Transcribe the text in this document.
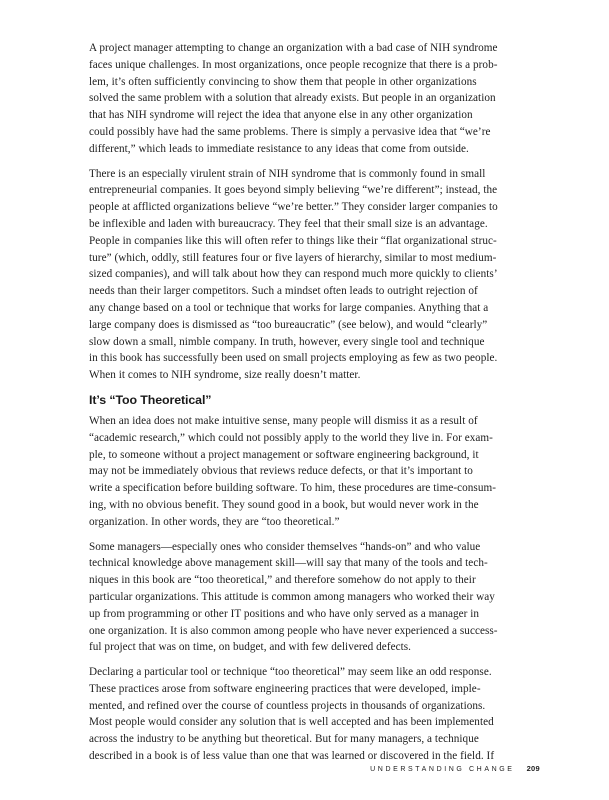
A project manager attempting to change an organization with a bad case of NIH syndrome
faces unique challenges. In most organizations, once people recognize that there is a prob-
lem, it’s often sufficiently convincing to show them that people in other organizations
solved the same problem with a solution that already exists. But people in an organization
that has NIH syndrome will reject the idea that anyone else in any other organization
could possibly have had the same problems. There is simply a pervasive idea that “we’re
different,” which leads to immediate resistance to any ideas that come from outside.

There is an especially virulent strain of NIH syndrome that is commonly found in small
entrepreneurial companies. It goes beyond simply believing “we’re different”; instead, the
people at afflicted organizations believe “we’re better.” They consider larger companies to
be inflexible and laden with bureaucracy. They feel that their small size is an advantage.
People in companies like this will often refer to things like their “flat organizational struc-
ture” (which, oddly, still features four or five layers of hierarchy, similar to most medium-
sized companies), and will talk about how they can respond much more quickly to clients’
needs than their larger competitors. Such a mindset often leads to outright rejection of
any change based on a tool or technique that works for large companies. Anything that a
large company does is dismissed as “too bureaucratic” (see below), and would “clearly”
slow down a small, nimble company. In truth, however, every single tool and technique
in this book has successfully been used on small projects employing as few as two people.
When it comes to NIH syndrome, size really doesn’t matter.

It’s “Too Theoretical”

When an idea does not make intuitive sense, many people will dismiss it as a result of
“academic research,” which could not possibly apply to the world they live in. For exam-
ple, to someone without a project management or software engineering background, it
may not be immediately obvious that reviews reduce defects, or that it’s important to
write a specification before building software. To him, these procedures are time-consum-
ing, with no obvious benefit. They sound good in a book, but would never work in the
organization. In other words, they are “too theoretical.”

Some managers—especially ones who consider themselves “hands-on” and who value
technical knowledge above management skill—will say that many of the tools and tech-
niques in this book are “too theoretical,” and therefore somehow do not apply to their
particular organizations. This attitude is common among managers who worked their way
up from programming or other IT positions and who have only served as a manager in
one organization. It is also common among people who have never experienced a success-
ful project that was on time, on budget, and with few delivered defects.

Declaring a particular tool or technique “too theoretical” may seem like an odd response.
These practices arose from software engineering practices that were developed, imple-
mented, and refined over the course of countless projects in thousands of organizations.
Most people would consider any solution that is well accepted and has been implemented
across the industry to be anything but theoretical. But for many managers, a technique
described in a book is of less value than one that was learned or discovered in the field. If

UNDERSTANDING CHANGE 209
